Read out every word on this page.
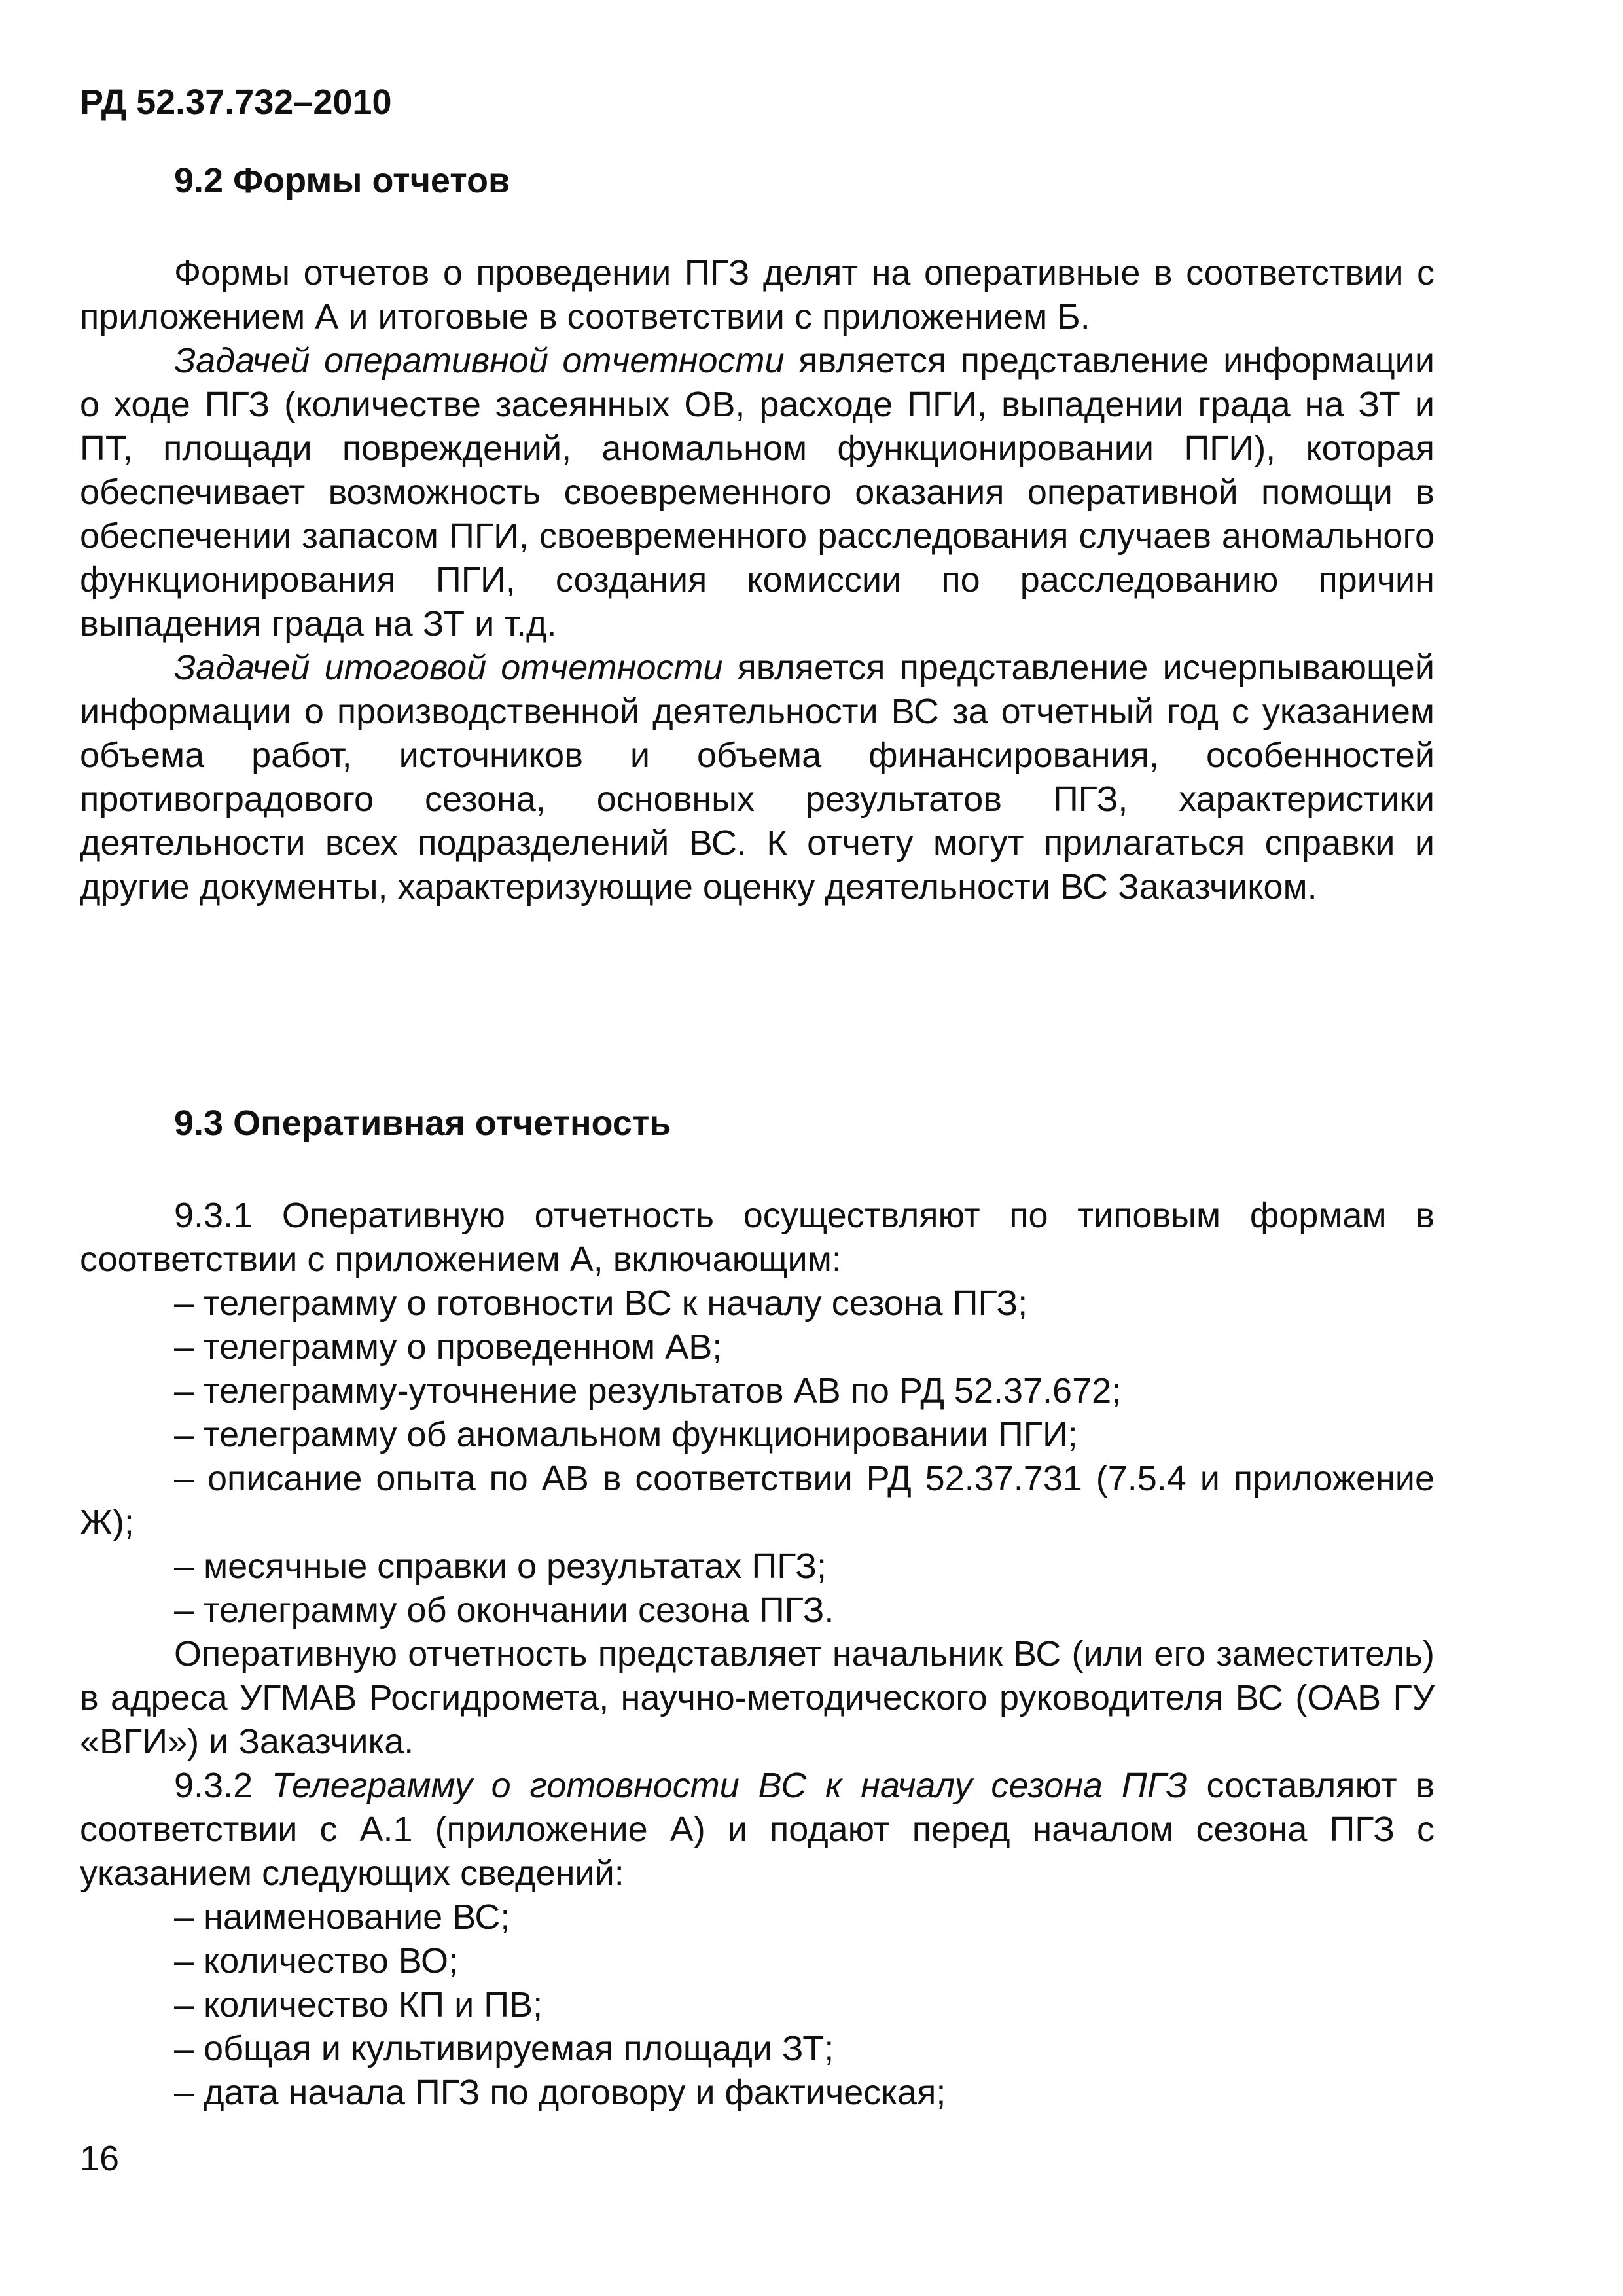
РД 52.37.732–2010
9.2 Формы отчетов

Формы отчетов о проведении ПГЗ делят на оперативные в соответствии с приложением А и итоговые в соответствии с приложением Б.

Задачей оперативной отчетности является представление информации о ходе ПГЗ (количестве засеянных ОВ, расходе ПГИ, выпадении града на ЗТ и ПТ, площади повреждений, аномальном функционировании ПГИ), которая обеспечивает возможность своевременного оказания оперативной помощи в обеспечении запасом ПГИ, своевременного расследования случаев аномального функционирования ПГИ, создания комиссии по расследованию причин выпадения града на ЗТ и т.д.

Задачей итоговой отчетности является представление исчерпывающей информации о производственной деятельности ВС за отчетный год с указанием объема работ, источников и объема финансирования, особенностей противоградового сезона, основных результатов ПГЗ, характеристики деятельности всех подразделений ВС. К отчету могут прилагаться справки и другие документы, характеризующие оценку деятельности ВС Заказчиком.

9.3 Оперативная отчетность

9.3.1 Оперативную отчетность осуществляют по типовым формам в соответствии с приложением А, включающим:

– телеграмму о готовности ВС к началу сезона ПГЗ;

– телеграмму о проведенном АВ;

– телеграмму-уточнение результатов АВ по РД 52.37.672;

– телеграмму об аномальном функционировании ПГИ;

– описание опыта по АВ в соответствии РД 52.37.731 (7.5.4 и приложение Ж);

– месячные справки о результатах ПГЗ;

– телеграмму об окончании сезона ПГЗ.

Оперативную отчетность представляет начальник ВС (или его заместитель) в адреса УГМАВ Росгидромета, научно-методического руководителя ВС (ОАВ ГУ «ВГИ») и Заказчика.

9.3.2 Телеграмму о готовности ВС к началу сезона ПГЗ составляют в соответствии с А.1 (приложение А) и подают перед началом сезона ПГЗ с указанием следующих сведений:

– наименование ВС;

– количество ВО;

– количество КП и ПВ;

– общая и культивируемая площади ЗТ;

– дата начала ПГЗ по договору и фактическая;

16
